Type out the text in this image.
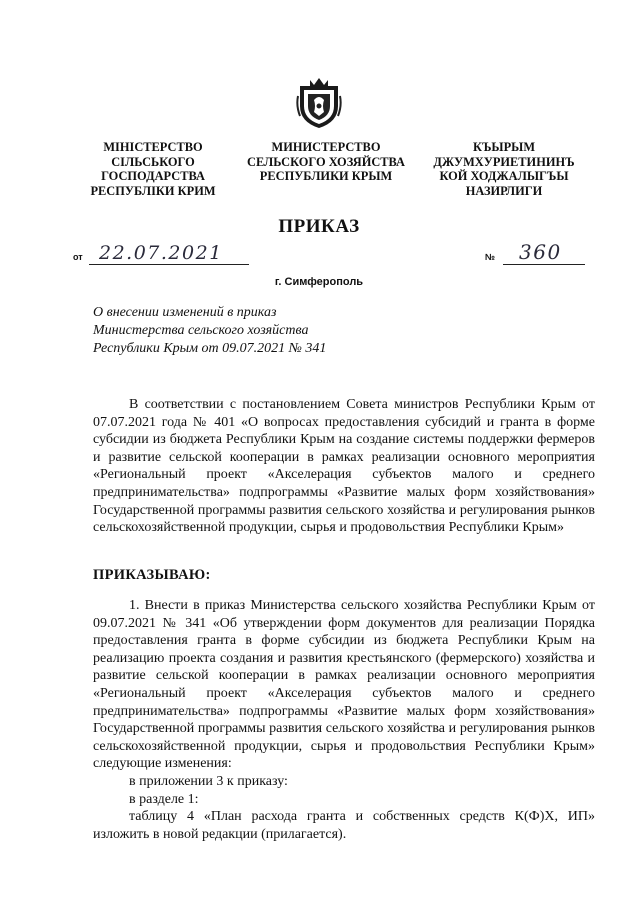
МІНІСТЕРСТВО
СІЛЬСЬКОГО
ГОСПОДАРСТВА
РЕСПУБЛІКИ КРИМ
МИНИСТЕРСТВО
СЕЛЬСКОГО ХОЗЯЙСТВА
РЕСПУБЛИКИ КРЫМ
КЪЫРЫМ
ДЖУМХУРИЕТИНИНЪ
КОЙ ХОДЖАЛЫГЪЫ
НАЗИРЛИГИ
ПРИКАЗ
от 22.07.2021	№ 360
г. Симферополь
О внесении изменений в приказ
Министерства сельского хозяйства
Республики Крым от 09.07.2021 № 341

В соответствии с постановлением Совета министров Республики Крым от 07.07.2021 года № 401 «О вопросах предоставления субсидий и гранта в форме субсидии из бюджета Республики Крым на создание системы поддержки фермеров и развитие сельской кооперации в рамках реализации основного мероприятия «Региональный проект «Акселерация субъектов малого и среднего предпринимательства» подпрограммы «Развитие малых форм хозяйствования» Государственной программы развития сельского хозяйства и регулирования рынков сельскохозяйственной продукции, сырья и продовольствия Республики Крым»

ПРИКАЗЫВАЮ:

1. Внести в приказ Министерства сельского хозяйства Республики Крым от 09.07.2021 № 341 «Об утверждении форм документов для реализации Порядка предоставления гранта в форме субсидии из бюджета Республики Крым на реализацию проекта создания и развития крестьянского (фермерского) хозяйства и развитие сельской кооперации в рамках реализации основного мероприятия «Региональный проект «Акселерация субъектов малого и среднего предпринимательства» подпрограммы «Развитие малых форм хозяйствования» Государственной программы развития сельского хозяйства и регулирования рынков сельскохозяйственной продукции, сырья и продовольствия Республики Крым» следующие изменения:

в приложении 3 к приказу:

в разделе 1:

таблицу 4 «План расхода гранта и собственных средств К(Ф)Х, ИП» изложить в новой редакции (прилагается).
